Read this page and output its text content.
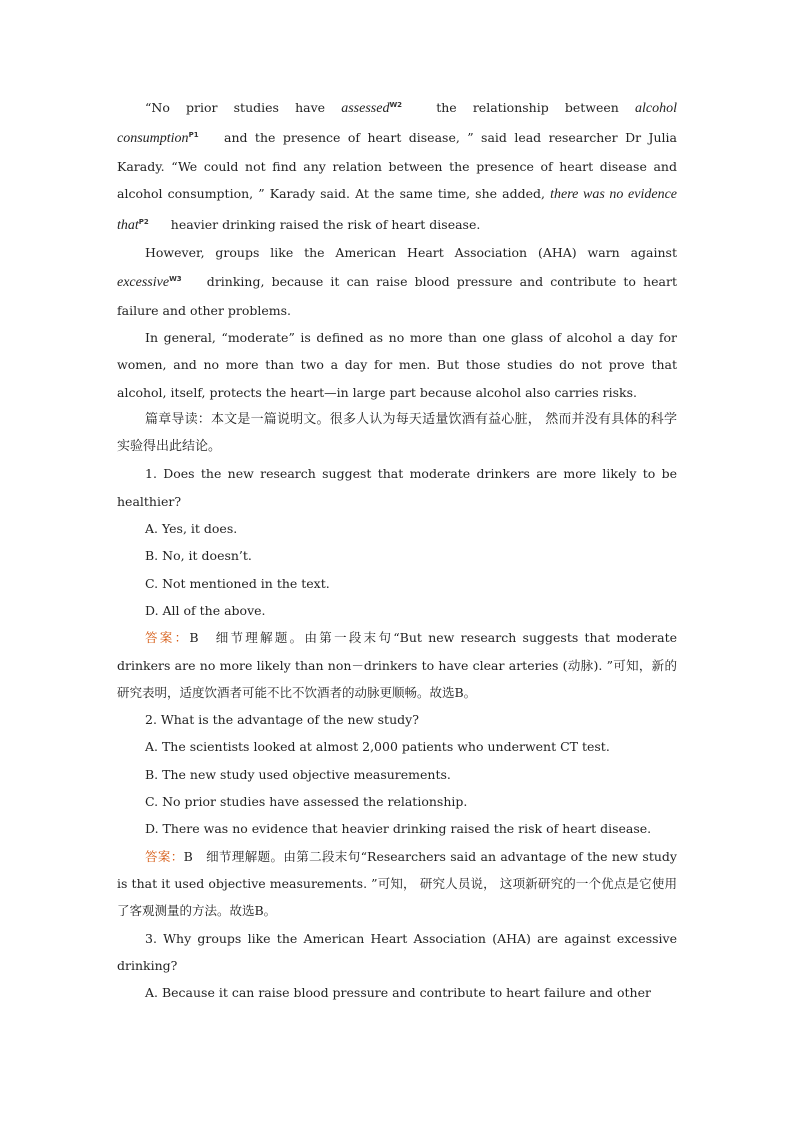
“No prior studies have assessed$^{W2}$ the relationship between alcohol consumption$^{P1}$ and the presence of heart disease, ” said lead researcher Dr Julia Karady. “We could not find any relation between the presence of heart disease and alcohol consumption, ” Karady said. At the same time, she added, there was no evidence that$^{P2}$ heavier drinking raised the risk of heart disease.

However, groups like the American Heart Association (AHA) warn against excessive$^{W3}$ drinking, because it can raise blood pressure and contribute to heart failure and other problems.

In general, “moderate” is defined as no more than one glass of alcohol a day for women, and no more than two a day for men. But those studies do not prove that alcohol, itself, protects the heart—in large part because alcohol also carries risks.

篇章导读：本文是一篇说明文。很多人认为每天适量饮酒有益心脏， 然而并没有具体的科学实验得出此结论。

1. Does the new research suggest that moderate drinkers are more likely to be healthier?

A. Yes, it does.

B. No, it doesn’t.

C. Not mentioned in the text.

D. All of the above.

答案：B　细节理解题。由第一段末句“But new research suggests that moderate drinkers are no more likely than non－drinkers to have clear arteries (动脉). ”可知，新的研究表明，适度饮酒者可能不比不饮酒者的动脉更顺畅。故选B。

2. What is the advantage of the new study?

A. The scientists looked at almost 2,000 patients who underwent CT test.

B. The new study used objective measurements.

C. No prior studies have assessed the relationship.

D. There was no evidence that heavier drinking raised the risk of heart disease.

答案：B　细节理解题。由第二段末句“Researchers said an advantage of the new study is that it used objective measurements. ”可知， 研究人员说， 这项新研究的一个优点是它使用了客观测量的方法。故选B。

3. Why groups like the American Heart Association (AHA) are against excessive drinking?

A. Because it can raise blood pressure and contribute to heart failure and other
